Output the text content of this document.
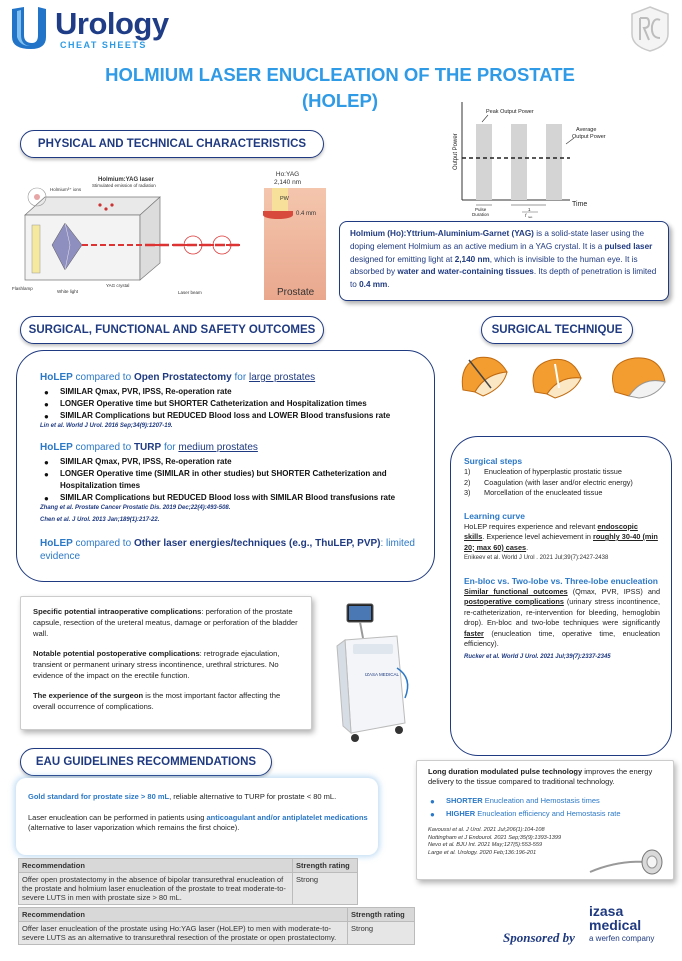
Urology
CHEAT SHEETS
HOLMIUM LASER ENUCLEATION OF THE PROSTATE
(HOLEP)
PHYSICAL AND TECHNICAL CHARACTERISTICS
Holmium:YAG laser
Holmium³⁺ ions
Stimulated emission of radiation
Flashlamp
White light
YAG crystal
Laser beam
Ho:YAG
2,140 nm
PW
0.4 mm
Prostate
Peak Output Power
Average
Output Power
Output Power
Time
Pulse
Duration
1
f rep
Holmium (Ho):Yttrium-Aluminium-Garnet (YAG) is a solid-state laser using the doping element Holmium as an active medium in a YAG crystal. It is a pulsed laser designed for emitting light at 2,140 nm, which is invisible to the human eye. It is absorbed by water and water-containing tissues. Its depth of penetration is limited to 0.4 mm.
SURGICAL, FUNCTIONAL AND SAFETY OUTCOMES
HoLEP compared to Open Prostatectomy for large prostates
● SIMILAR Qmax, PVR, IPSS, Re-operation rate
● LONGER Operative time but SHORTER Catheterization and Hospitalization times
● SIMILAR Complications but REDUCED Blood loss and LOWER Blood transfusions rate
Lin et al. World J Urol. 2016 Sep;34(9):1207-19.
HoLEP compared to TURP for medium prostates
● SIMILAR Qmax, PVR, IPSS, Re-operation rate
● LONGER Operative time (SIMILAR in other studies) but SHORTER Catheterization and Hospitalization times
● SIMILAR Complications but REDUCED Blood loss with SIMILAR Blood transfusions rate
Zhang et al. Prostate Cancer Prostatic Dis. 2019 Dec;22(4):493-508.
Chen et al. J Urol. 2013 Jan;189(1):217-22.
HoLEP compared to Other laser energies/techniques (e.g., ThuLEP, PVP): limited evidence
Specific potential intraoperative complications: perforation of the prostate capsule, resection of the ureteral meatus, damage or perforation of the bladder wall.
Notable potential postoperative complications: retrograde ejaculation, transient or permanent urinary stress incontinence, urethral strictures. No evidence of the impact on the erectile function.
The experience of the surgeon is the most important factor affecting the overall occurrence of complications.
IZASA MEDICAL
SURGICAL TECHNIQUE
Surgical steps
1)	Enucleation of hyperplastic prostatic tissue
2)	Coagulation (with laser and/or electric energy)
3)	Morcellation of the enucleated tissue
Learning curve
HoLEP requires experience and relevant endoscopic skills. Experience level achievement in roughly 30-40 (min 20; max 60) cases.
Enikeev et al. World J Urol . 2021 Jul;39(7):2427-2438
En-bloc vs. Two-lobe vs. Three-lobe enucleation
Similar functional outcomes (Qmax, PVR, IPSS) and postoperative complications (urinary stress incontinence, re-catheterization, re-intervention for bleeding, hemoglobin drop). En-bloc and two-lobe techniques were significantly faster (enucleation time, operative time, enucleation efficiency).
Rucker et al. World J Urol. 2021 Jul;39(7):2337-2345
EAU GUIDELINES RECOMMENDATIONS
Gold standard for prostate size > 80 mL, reliable alternative to TURP for prostate < 80 mL.
Laser enucleation can be performed in patients using anticoagulant and/or antiplatelet medications (alternative to laser vaporization which remains the first choice).
Recommendation	Strength rating
Offer open prostatectomy in the absence of bipolar transurethral enucleation of the prostate and holmium laser enucleation of the prostate to treat moderate-to-severe LUTS in men with prostate size > 80 mL.	Strong
Recommendation	Strength rating
Offer laser enucleation of the prostate using Ho:YAG laser (HoLEP) to men with moderate-to-severe LUTS as an alternative to transurethral resection of the prostate or open prostatectomy.	Strong
Long duration modulated pulse technology improves the energy delivery to the tissue compared to traditional technology.
● SHORTER Enucleation and Hemostasis times
● HIGHER Enucleation efficiency and Hemostasis rate
Kavoussi et al. J Urol. 2021 Jul;206(1):104-108
Nottingham et J Endourol. 2021 Sep;35(9):1393-1399
Nevo et al. BJU Int. 2021 May;127(5):553-559
Large et al. Urology. 2020 Feb;136:196-201
Sponsored by
izasa
medical
a werfen company
